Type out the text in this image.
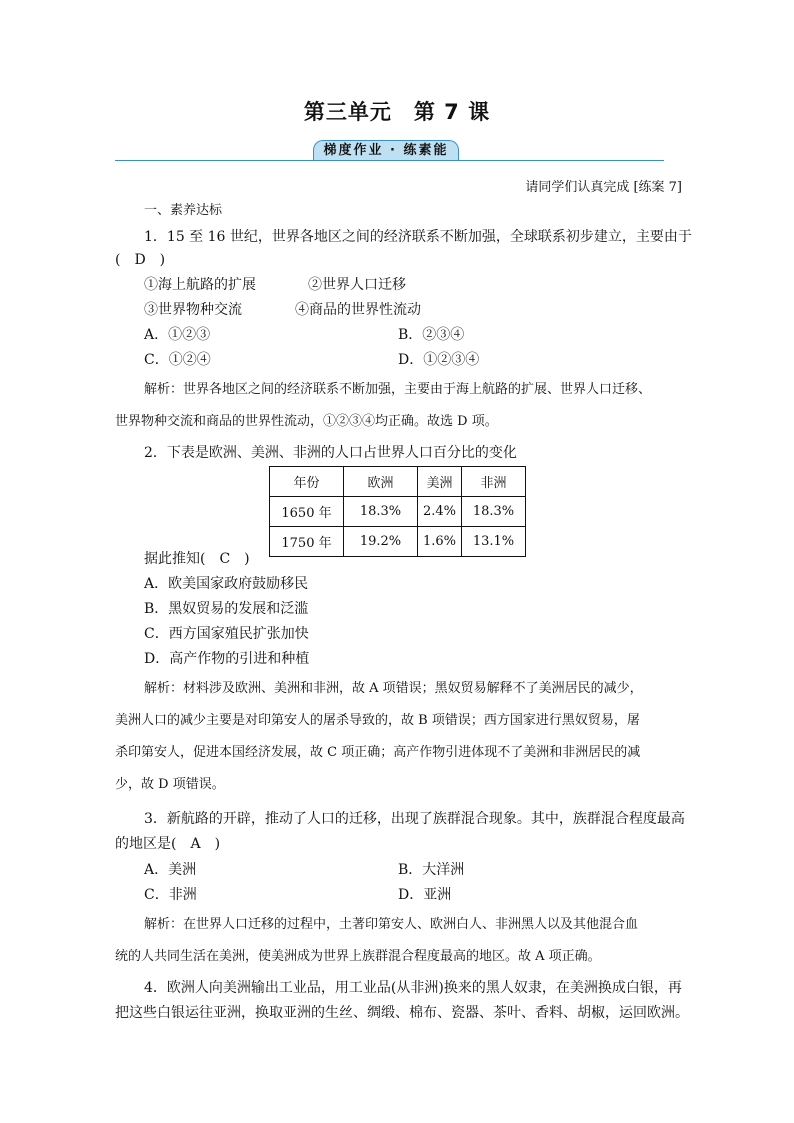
第三单元　第 7 课
梯度作业 · 练素能
请同学们认真完成 [练案 7]
一、素养达标
1．15 至 16 世纪，世界各地区之间的经济联系不断加强，全球联系初步建立，主要由于
(　D　)
①海上航路的扩展	②世界人口迁移
③世界物种交流	④商品的世界性流动
A．①②③	B．②③④
C．①②④	D．①②③④
解析：世界各地区之间的经济联系不断加强，主要由于海上航路的扩展、世界人口迁移、
世界物种交流和商品的世界性流动，①②③④均正确。故选 D 项。
2．下表是欧洲、美洲、非洲的人口占世界人口百分比的变化
年份	欧洲	美洲	非洲
1650 年	18.3%	2.4%	18.3%
1750 年	19.2%	1.6%	13.1%
据此推知(　C　)
A．欧美国家政府鼓励移民
B．黑奴贸易的发展和泛滥
C．西方国家殖民扩张加快
D．高产作物的引进和种植
解析：材料涉及欧洲、美洲和非洲，故 A 项错误；黑奴贸易解释不了美洲居民的减少，
美洲人口的减少主要是对印第安人的屠杀导致的，故 B 项错误；西方国家进行黑奴贸易，屠
杀印第安人，促进本国经济发展，故 C 项正确；高产作物引进体现不了美洲和非洲居民的减
少，故 D 项错误。
3．新航路的开辟，推动了人口的迁移，出现了族群混合现象。其中，族群混合程度最高
的地区是(　A　)
A．美洲	B．大洋洲
C．非洲	D．亚洲
解析：在世界人口迁移的过程中，土著印第安人、欧洲白人、非洲黑人以及其他混合血
统的人共同生活在美洲，使美洲成为世界上族群混合程度最高的地区。故 A 项正确。
4．欧洲人向美洲输出工业品，用工业品(从非洲)换来的黑人奴隶，在美洲换成白银，再
把这些白银运往亚洲，换取亚洲的生丝、绸缎、棉布、瓷器、茶叶、香料、胡椒，运回欧洲。
